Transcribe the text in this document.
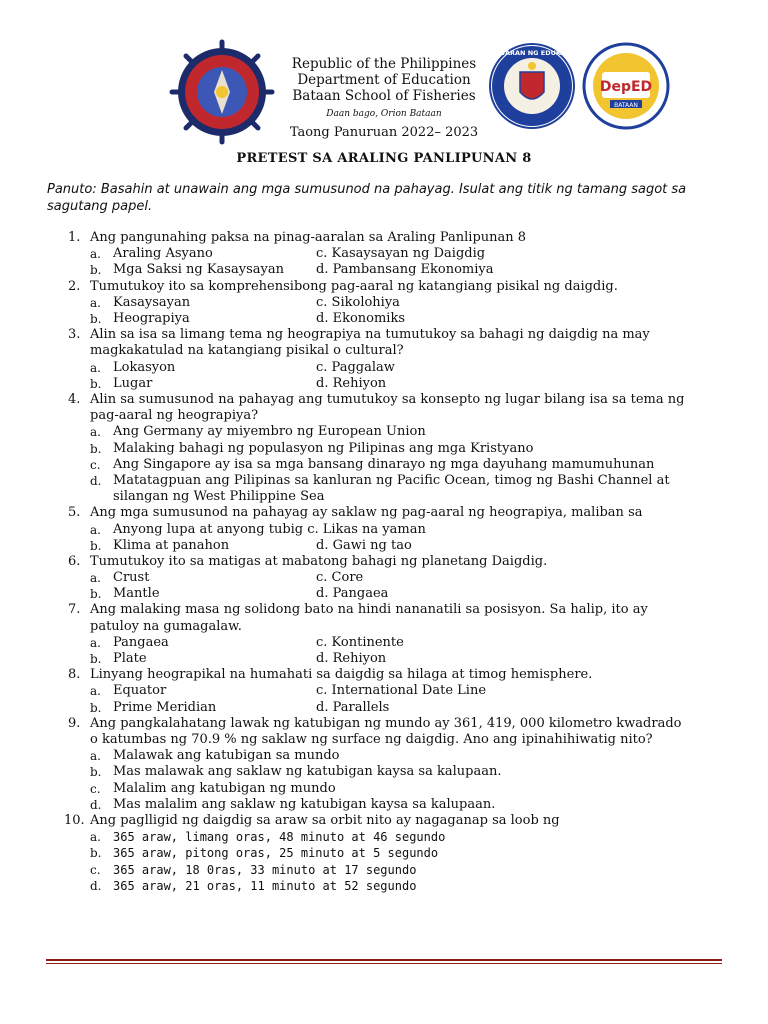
KAGAWARAN NG EDUKASYON
DepED
BATAAN
Republic of the Philippines
Department of Education
Bataan School of Fisheries
Daan bago, Orion Bataan
Taong Panuruan 2022– 2023
PRETEST SA ARALING PANLIPUNAN 8
Panuto: Basahin at unawain ang mga sumusunod na pahayag. Isulat ang titik ng tamang sagot sa sagutang papel.
1. Ang pangunahing paksa na pinag-aaralan sa Araling Panlipunan 8
a. Araling Asyano	c. Kasaysayan ng Daigdig
b. Mga Saksi ng Kasaysayan d. Pambansang Ekonomiya
2. Tumutukoy ito sa komprehensibong pag-aaral ng katangiang pisikal ng daigdig.
a. Kasaysayan	c. Sikolohiya
b. Heograpiya	d. Ekonomiks
3. Alin sa isa sa limang tema ng heograpiya na tumutukoy sa bahagi ng daigdig na may magkakatulad na katangiang pisikal o cultural?
a. Lokasyon	c. Paggalaw
b. Lugar	d. Rehiyon
4. Alin sa sumusunod na pahayag ang tumutukoy sa konsepto ng lugar bilang isa sa tema ng pag-aaral ng heograpiya?
a. Ang Germany ay miyembro ng European Union
b. Malaking bahagi ng populasyon ng Pilipinas ang mga Kristyano
c. Ang Singapore ay isa sa mga bansang dinarayo ng mga dayuhang mamumuhunan
d. Matatagpuan ang Pilipinas sa kanluran ng Pacific Ocean, timog ng Bashi Channel at silangan ng West Philippine Sea
5. Ang mga sumusunod na pahayag ay saklaw ng pag-aaral ng heograpiya, maliban sa
a. Anyong lupa at anyong tubig c. Likas na yaman
b. Klima at panahon	d. Gawi ng tao
6. Tumutukoy ito sa matigas at mabatong bahagi ng planetang Daigdig.
a. Crust	c. Core
b. Mantle	d. Pangaea
7. Ang malaking masa ng solidong bato na hindi nananatili sa posisyon. Sa halip, ito ay patuloy na gumagalaw.
a. Pangaea	c. Kontinente
b. Plate	d. Rehiyon
8. Linyang heograpikal na humahati sa daigdig sa hilaga at timog hemisphere.
a. Equator	c. International Date Line
b. Prime Meridian	d. Parallels
9. Ang pangkalahatang lawak ng katubigan ng mundo ay 361, 419, 000 kilometro kwadrado o katumbas ng 70.9 % ng saklaw ng surface ng daigdig. Ano ang ipinahihiwatig nito?
a. Malawak ang katubigan sa mundo
b. Mas malawak ang saklaw ng katubigan kaysa sa kalupaan.
c. Malalim ang katubigan ng mundo
d. Mas malalim ang saklaw ng katubigan kaysa sa kalupaan.
10. Ang paglligid ng daigdig sa araw sa orbit nito ay nagaganap sa loob ng
a. 365 araw, limang oras, 48 minuto at 46 segundo
b. 365 araw, pitong oras, 25 minuto at 5 segundo
c. 365 araw, 18 0ras, 33 minuto at 17 segundo
d. 365 araw, 21 oras, 11 minuto at 52 segundo
